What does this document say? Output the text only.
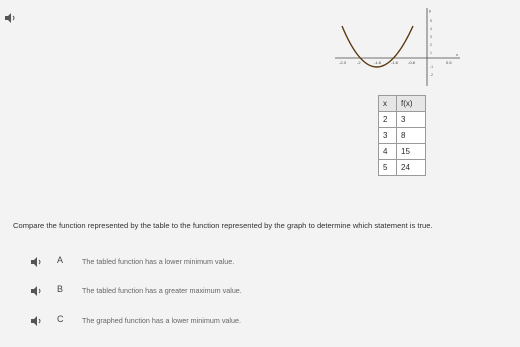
y
x
5
4
3
2
1
-1
-2
-2.3	-2	-1.8	-1.6	-0.8	0.5
x	f(x)
2	3
3	8
4	15
5	24
Compare the function represented by the table to the function represented by the graph to determine which statement is true.
A	The tabled function has a lower minimum value.
B	The tabled function has a greater maximum value.
C	The graphed function has a lower minimum value.
